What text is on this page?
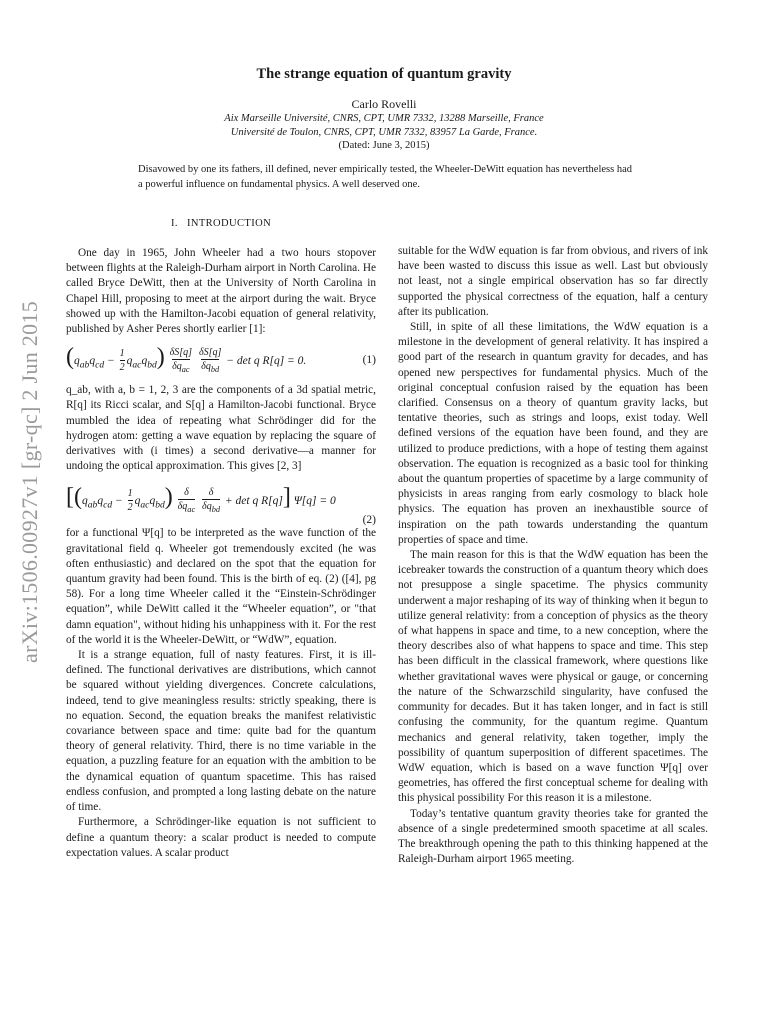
arXiv:1506.00927v1 [gr-qc] 2 Jun 2015
The strange equation of quantum gravity
Carlo Rovelli
Aix Marseille Université, CNRS, CPT, UMR 7332, 13288 Marseille, France
Université de Toulon, CNRS, CPT, UMR 7332, 83957 La Garde, France.
(Dated: June 3, 2015)
Disavowed by one its fathers, ill defined, never empirically tested, the Wheeler-DeWitt equation has nevertheless had a powerful influence on fundamental physics. A well deserved one.
I. INTRODUCTION

One day in 1965, John Wheeler had a two hours stopover between flights at the Raleigh-Durham airport in North Carolina. He called Bryce DeWitt, then at the University of North Carolina in Chapel Hill, proposing to meet at the airport during the wait. Bryce showed up with the Hamilton-Jacobi equation of general relativity, published by Asher Peres shortly earlier [1]:

$(q_{ab}q_{cd} - \frac{1}{2} q_{ac}q_{bd}) \frac{\delta S[q]}{\delta q_{ac}}$
$\frac{\delta S[q]}{\delta q_{bd}} - \det q$ R[q] = 0.	(1)

q_ab, with a, b = 1, 2, 3 are the components of a 3d spatial metric, R[q] its Ricci scalar, and S[q] a Hamilton-Jacobi functional. Bryce mumbled the idea of repeating what Schrödinger did for the hydrogen atom: getting a wave equation by replacing the square of derivatives with (i times) a second derivative—a manner for undoing the optical approximation. This gives [2, 3]

[$(q_{ab}q_{cd} - \frac{1}{2} q_{ac}q_{bd}) \frac{\delta}{\delta q_{ac}}$
$\frac{\delta}{\delta q_{bd}} + \det q$ R[q]] Ψ[q] = 0
(2)

for a functional Ψ[q] to be interpreted as the wave function of the gravitational field q. Wheeler got tremendously excited (he was often enthusiastic) and declared on the spot that the equation for quantum gravity had been found. This is the birth of eq. (2) ([4], pg 58). For a long time Wheeler called it the “Einstein-Schrödinger equation”, while DeWitt called it the “Wheeler equation”, or "that damn equation", without hiding his unhappiness with it. For the rest of the world it is the Wheeler-DeWitt, or “WdW”, equation.

It is a strange equation, full of nasty features. First, it is ill-defined. The functional derivatives are distributions, which cannot be squared without yielding divergences. Concrete calculations, indeed, tend to give meaningless results: strictly speaking, there is no equation. Second, the equation breaks the manifest relativistic covariance between space and time: quite bad for the quantum theory of general relativity. Third, there is no time variable in the equation, a puzzling feature for an equation with the ambition to be the dynamical equation of quantum spacetime. This has raised endless confusion, and prompted a long lasting debate on the nature of time.

Furthermore, a Schrödinger-like equation is not sufficient to define a quantum theory: a scalar product is needed to compute expectation values. A scalar product

suitable for the WdW equation is far from obvious, and rivers of ink have been wasted to discuss this issue as well. Last but obviously not least, not a single empirical observation has so far directly supported the physical correctness of the equation, half a century after its publication.

Still, in spite of all these limitations, the WdW equation is a milestone in the development of general relativity. It has inspired a good part of the research in quantum gravity for decades, and has opened new perspectives for fundamental physics. Much of the original conceptual confusion raised by the equation has been clarified. Consensus on a theory of quantum gravity lacks, but tentative theories, such as strings and loops, exist today. Well defined versions of the equation have been found, and they are utilized to produce predictions, with a hope of testing them against observation. The equation is recognized as a basic tool for thinking about the quantum properties of spacetime by a large community of physicists in areas ranging from early cosmology to black hole physics. The equation has proven an inexhaustible source of inspiration on the path towards understanding the quantum properties of space and time.

The main reason for this is that the WdW equation has been the icebreaker towards the construction of a quantum theory which does not presuppose a single spacetime. The physics community underwent a major reshaping of its way of thinking when it begun to utilize general relativity: from a conception of physics as the theory of what happens in space and time, to a new conception, where the theory describes also of what happens to space and time. This step has been difficult in the classical framework, where questions like whether gravitational waves were physical or gauge, or concerning the nature of the Schwarzschild singularity, have confused the community for decades. But it has taken longer, and in fact is still confusing the community, for the quantum regime. Quantum mechanics and general relativity, taken together, imply the possibility of quantum superposition of different spacetimes. The WdW equation, which is based on a wave function Ψ[q] over geometries, has offered the first conceptual scheme for dealing with this physical possibility For this reason it is a milestone.

Today’s tentative quantum gravity theories take for granted the absence of a single predetermined smooth spacetime at all scales. The breakthrough opening the path to this thinking happened at the Raleigh-Durham airport 1965 meeting.
